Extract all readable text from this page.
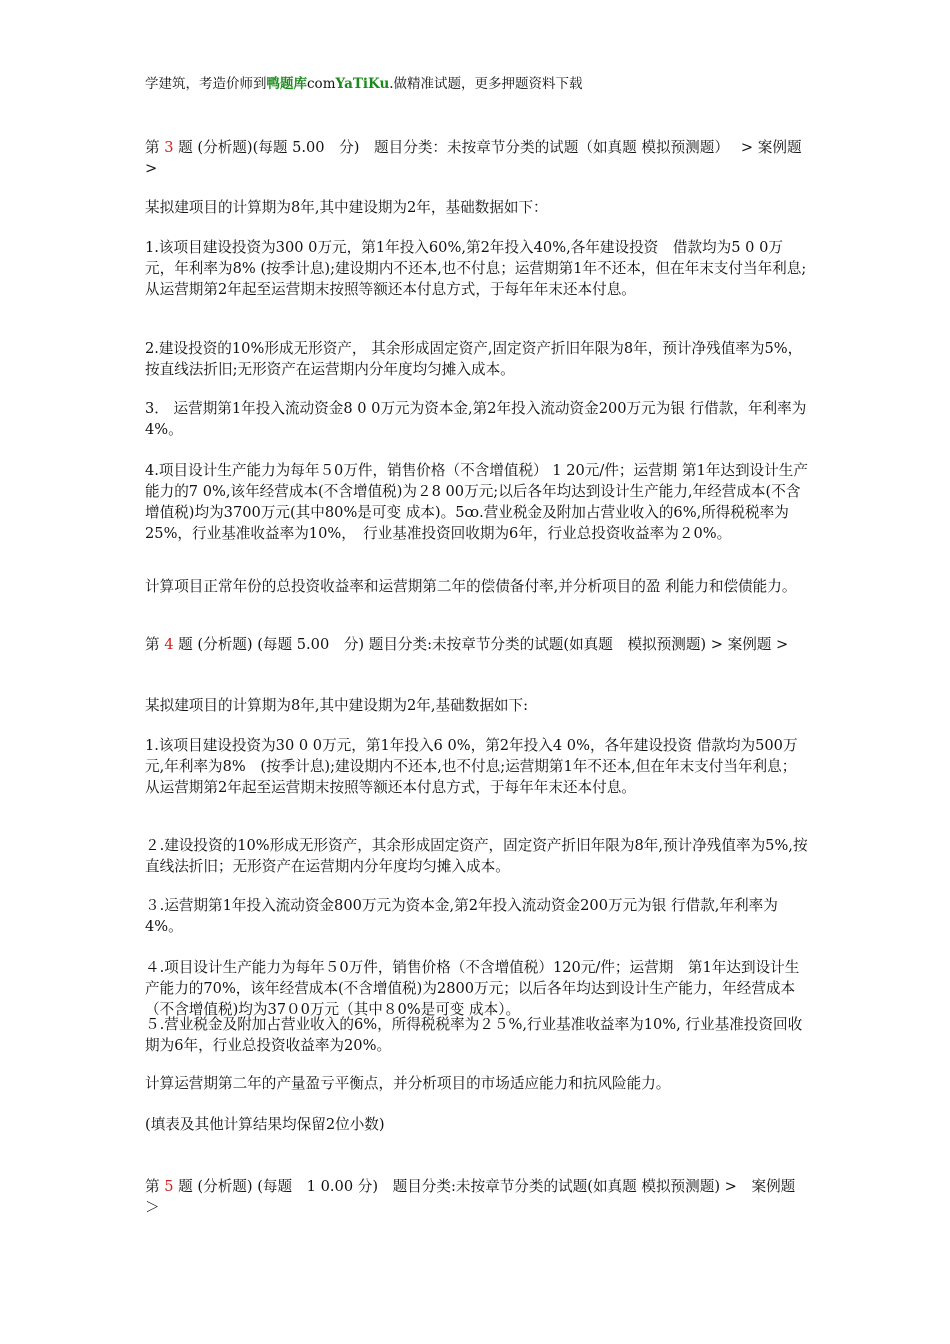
学建筑，考造价师到鸭题库comYaTiKu.做精准试题，更多押题资料下载

第 3 题 (分析题)(每题 5.00　分)　题目分类：未按章节分类的试题（如真题 模拟预测题）　 > 案例题 >

某拟建项目的计算期为8年,其中建设期为2年，基础数据如下：

1.该项目建设投资为300 0万元，第1年投入60%,第2年投入40%,各年建设投资　借款均为5 0 0万元，年利率为8% (按季计息);建设期内不还本,也不付息；运营期第1年不还本，但在年末支付当年利息;从运营期第2年起至运营期末按照等额还本付息方式，于每年年末还本付息。

2.建设投资的10%形成无形资产， 其余形成固定资产,固定资产折旧年限为8年，预计净残值率为5%，按直线法折旧;无形资产在运营期内分年度均匀摊入成本。

3． 运营期第1年投入流动资金8 0 0万元为资本金,第2年投入流动资金200万元为银 行借款，年利率为4%。

4.项目设计生产能力为每年５0万件，销售价格（不含增值税） 1 20元/件；运营期 第1年达到设计生产能力的7 0%,该年经营成本(不含增值税)为２8 00万元;以后各年均达到设计生产能力,年经营成本(不含增值税)均为3700万元(其中80%是可变 成本)。5ꝏ.营业税金及附加占营业收入的6%,所得税税率为25%，行业基准收益率为10%，　行业基准投资回收期为6年，行业总投资收益率为２0%。

计算项目正常年份的总投资收益率和运营期第二年的偿债备付率,并分析项目的盈 利能力和偿债能力。

第 4 题 (分析题) (每题 5.00　分) 题目分类:未按章节分类的试题(如真题　模拟预测题) > 案例题 >

某拟建项目的计算期为8年,其中建设期为2年,基础数据如下:

1.该项目建设投资为30 0 0万元，第1年投入6 0%，第2年投入4 0%，各年建设投资 借款均为500万元,年利率为8%　(按季计息);建设期内不还本,也不付息;运营期第1年不还本,但在年末支付当年利息；从运营期第2年起至运营期末按照等额还本付息方式，于每年年末还本付息。

２.建设投资的10%形成无形资产，其余形成固定资产，固定资产折旧年限为8年,预计净残值率为5%,按直线法折旧；无形资产在运营期内分年度均匀摊入成本。

３.运营期第1年投入流动资金800万元为资本金,第2年投入流动资金200万元为银 行借款,年利率为4%。

４.项目设计生产能力为每年５0万件，销售价格（不含增值税）120元/件；运营期　第1年达到设计生产能力的70%，该年经营成本(不含增值税)为2800万元；以后各年均达到设计生产能力，年经营成本（不含增值税)均为37０0万元（其中８0%是可变 成本）。

５.营业税金及附加占营业收入的6%，所得税税率为２５%,行业基准收益率为10%, 行业基准投资回收期为6年，行业总投资收益率为20%。

计算运营期第二年的产量盈亏平衡点，并分析项目的市场适应能力和抗风险能力。

(填表及其他计算结果均保留2位小数)

第 5 题 (分析题) (每题　1 0.00 分)　题目分类:未按章节分类的试题(如真题 模拟预测题) >　案例题 ＞
